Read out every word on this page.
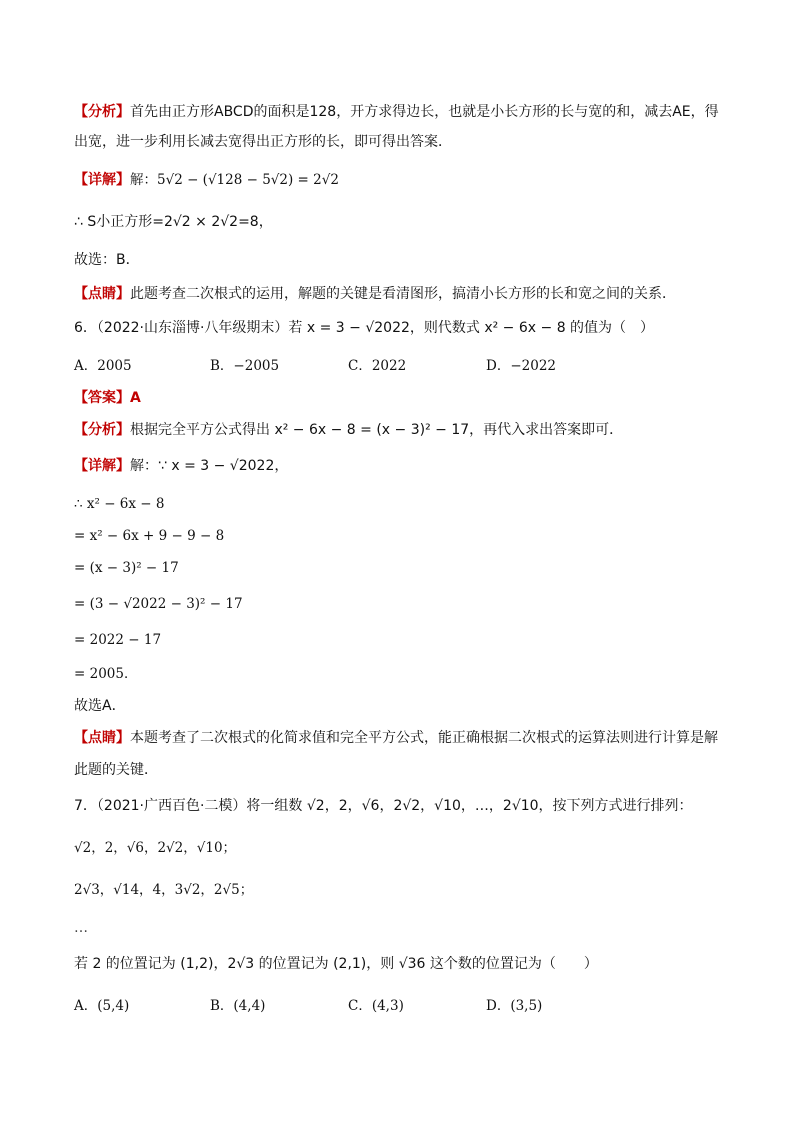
【分析】首先由正方形ABCD的面积是128，开方求得边长，也就是小长方形的长与宽的和，减去AE，得
出宽，进一步利用长减去宽得出正方形的长，即可得出答案．
【详解】解：5√2 − (√128 − 5√2) = 2√2
∴ S小正方形=2√2 × 2√2=8，
故选：B．
【点睛】此题考查二次根式的运用，解题的关键是看清图形，搞清小长方形的长和宽之间的关系．
6．（2022·山东淄博·八年级期末）若 x = 3 − √2022，则代数式 x² − 6x − 8 的值为（　）
A．2005	B．−2005	C．2022	D．−2022
【答案】A
【分析】根据完全平方公式得出 x² − 6x − 8 = (x − 3)² − 17，再代入求出答案即可．
【详解】解：∵ x = 3 − √2022，
∴ x² − 6x − 8
= x² − 6x + 9 − 9 − 8
= (x − 3)² − 17
= (3 − √2022 − 3)² − 17
= 2022 − 17
= 2005．
故选A．
【点睛】本题考查了二次根式的化简求值和完全平方公式，能正确根据二次根式的运算法则进行计算是解
此题的关键．
7．（2021·广西百色·二模）将一组数 √2，2，√6，2√2，√10，…，2√10，按下列方式进行排列：
√2，2，√6，2√2，√10；
2√3，√14，4，3√2，2√5；
…
若 2 的位置记为 (1,2)，2√3 的位置记为 (2,1)，则 √36 这个数的位置记为（　　）
A．(5,4)	B．(4,4)	C．(4,3)	D．(3,5)
